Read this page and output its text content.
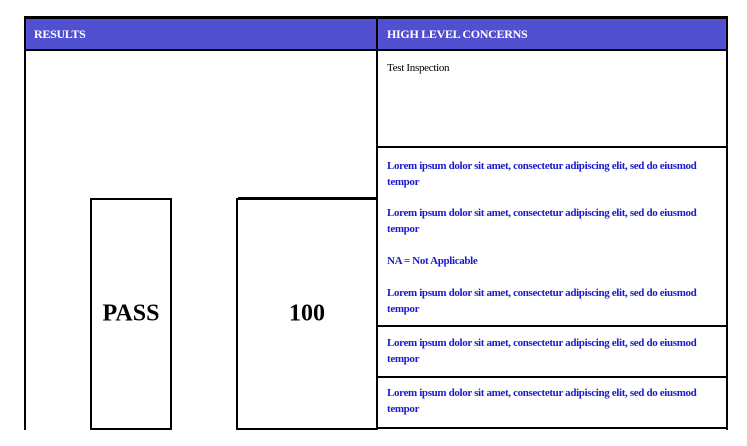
RESULTS	HIGH LEVEL CONCERNS
PASS	100
Test Inspection
Lorem ipsum dolor sit amet, consectetur adipiscing elit, sed do eiusmod tempor
Lorem ipsum dolor sit amet, consectetur adipiscing elit, sed do eiusmod tempor
NA = Not Applicable
Lorem ipsum dolor sit amet, consectetur adipiscing elit, sed do eiusmod tempor
Lorem ipsum dolor sit amet, consectetur adipiscing elit, sed do eiusmod tempor
Lorem ipsum dolor sit amet, consectetur adipiscing elit, sed do eiusmod tempor
